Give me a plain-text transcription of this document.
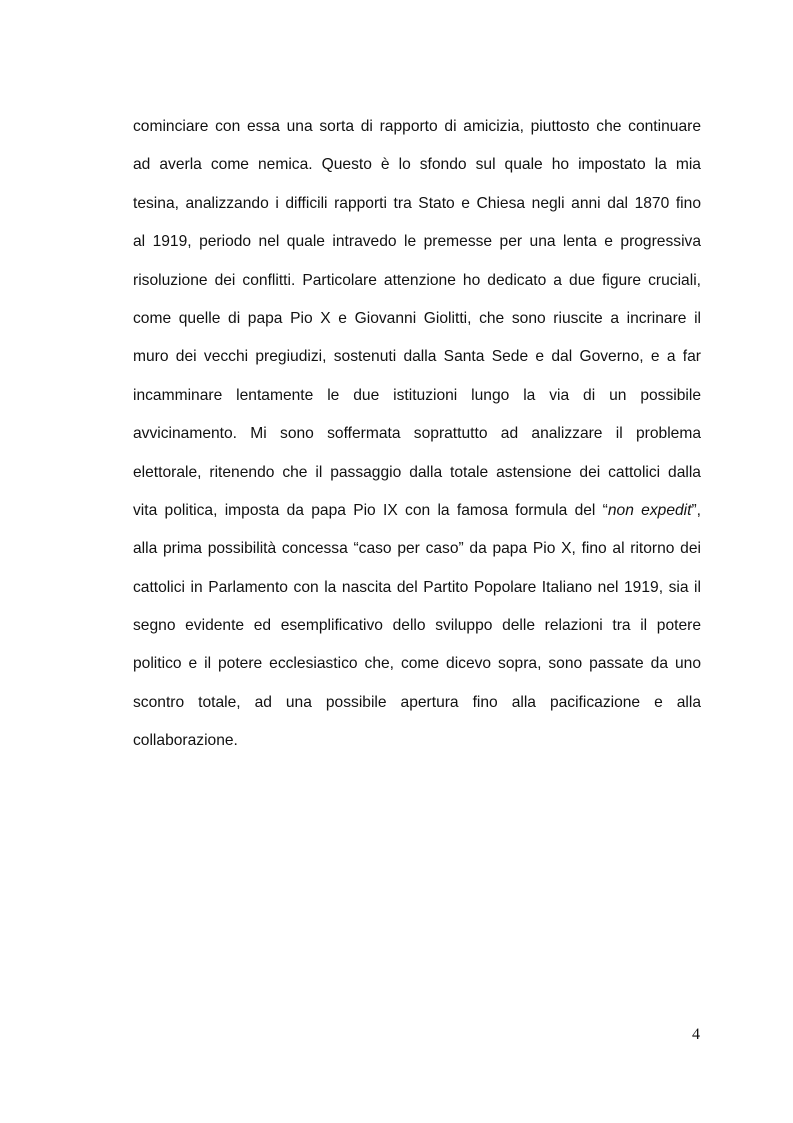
cominciare con essa una sorta di rapporto di amicizia, piuttosto che continuare
ad averla come nemica. Questo è lo sfondo sul quale ho impostato la mia
tesina, analizzando i difficili rapporti tra Stato e Chiesa negli anni dal 1870 fino
al 1919, periodo nel quale intravedo le premesse per una lenta e progressiva
risoluzione dei conflitti. Particolare attenzione ho dedicato a due figure cruciali,
come quelle di papa Pio X e Giovanni Giolitti, che sono riuscite a incrinare il
muro dei vecchi pregiudizi, sostenuti dalla Santa Sede e dal Governo, e a far
incamminare lentamente le due istituzioni lungo la via di un possibile
avvicinamento. Mi sono soffermata soprattutto ad analizzare il problema
elettorale, ritenendo che il passaggio dalla totale astensione dei cattolici dalla
vita politica, imposta da papa Pio IX con la famosa formula del “non expedit”,
alla prima possibilità concessa “caso per caso” da papa Pio X, fino al ritorno dei
cattolici in Parlamento con la nascita del Partito Popolare Italiano nel 1919, sia il
segno evidente ed esemplificativo dello sviluppo delle relazioni tra il potere
politico e il potere ecclesiastico che, come dicevo sopra, sono passate da uno
scontro totale, ad una possibile apertura fino alla pacificazione e alla
collaborazione.
4
